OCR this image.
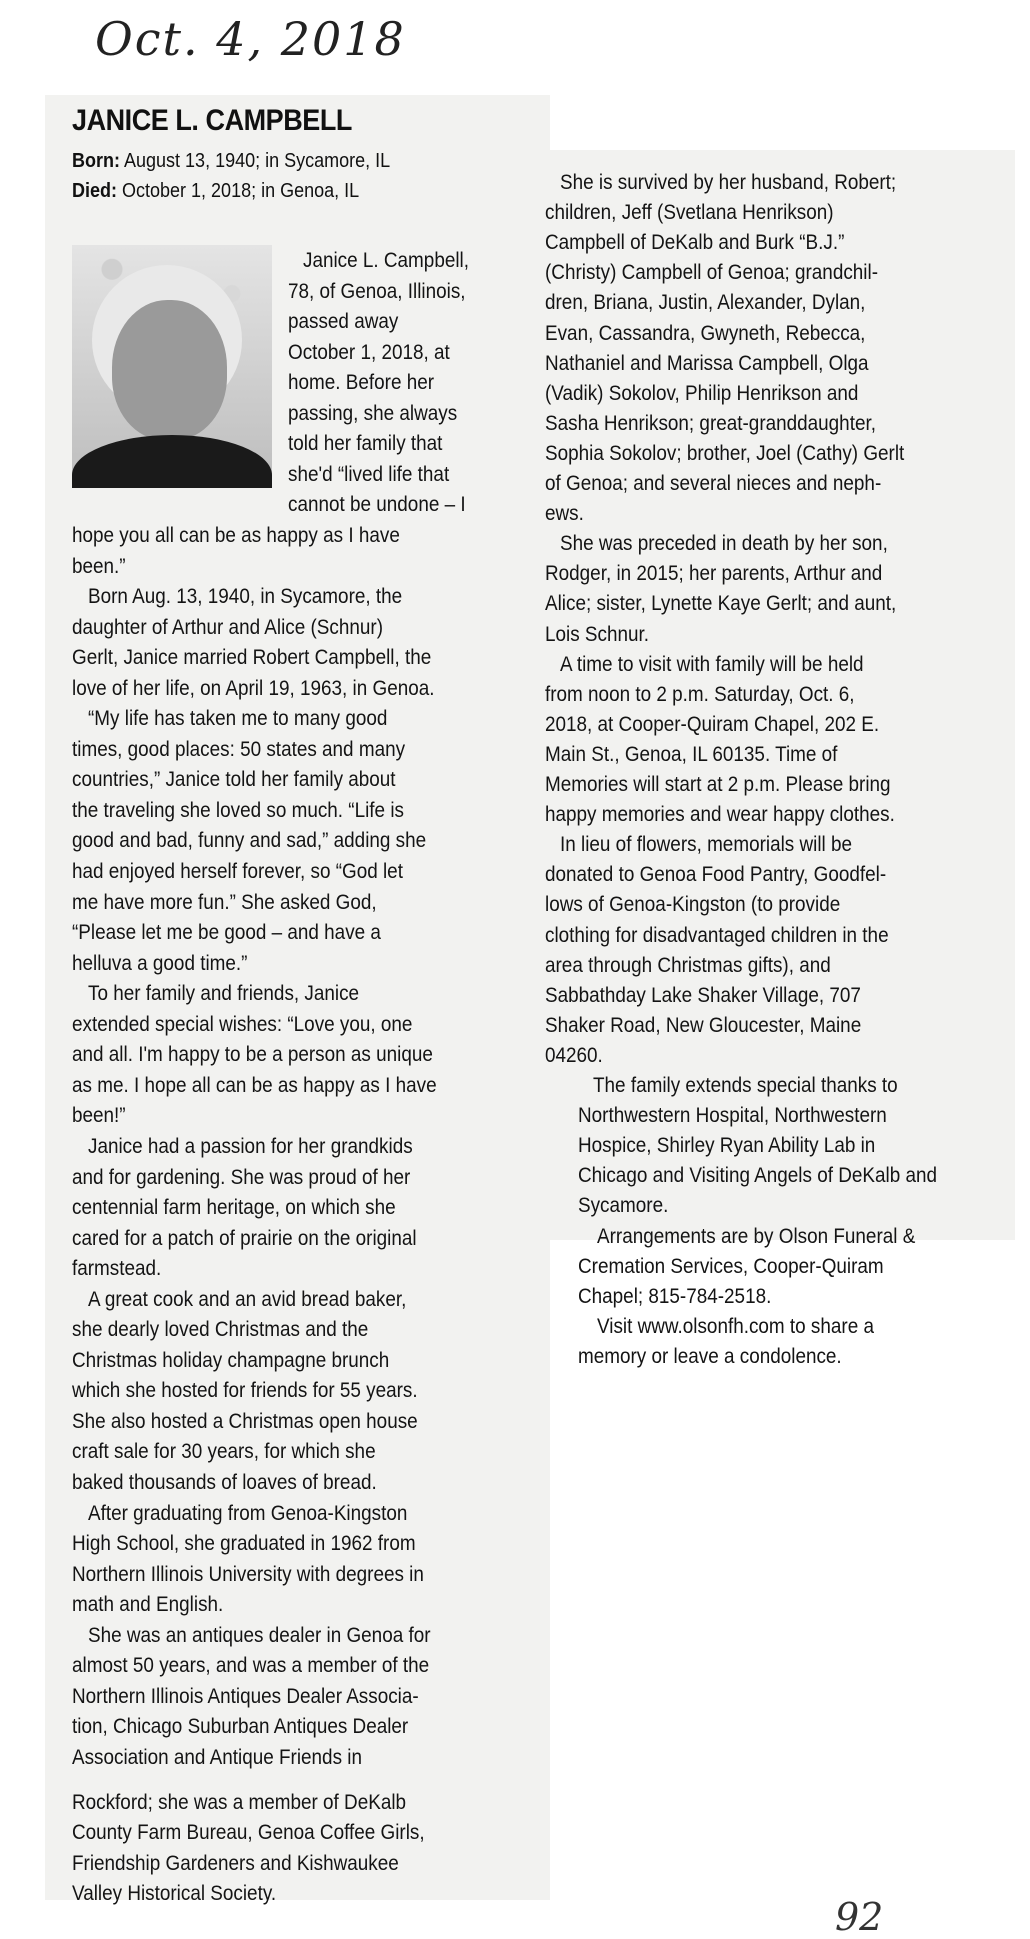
Oct. 4, 2018
JANICE L. CAMPBELL
Born: August 13, 1940; in Sycamore, IL
Died: October 1, 2018; in Genoa, IL
Janice L. Campbell,
78, of Genoa, Illinois,
passed away
October 1, 2018, at
home. Before her
passing, she always
told her family that
she'd “lived life that
cannot be undone – I
hope you all can be as happy as I have
been.”
Born Aug. 13, 1940, in Sycamore, the
daughter of Arthur and Alice (Schnur)
Gerlt, Janice married Robert Campbell, the
love of her life, on April 19, 1963, in Genoa.
“My life has taken me to many good
times, good places: 50 states and many
countries,” Janice told her family about
the traveling she loved so much. “Life is
good and bad, funny and sad,” adding she
had enjoyed herself forever, so “God let
me have more fun.” She asked God,
“Please let me be good – and have a
helluva a good time.”
To her family and friends, Janice
extended special wishes: “Love you, one
and all. I'm happy to be a person as unique
as me. I hope all can be as happy as I have
been!”
Janice had a passion for her grandkids
and for gardening. She was proud of her
centennial farm heritage, on which she
cared for a patch of prairie on the original
farmstead.
A great cook and an avid bread baker,
she dearly loved Christmas and the
Christmas holiday champagne brunch
which she hosted for friends for 55 years.
She also hosted a Christmas open house
craft sale for 30 years, for which she
baked thousands of loaves of bread.
After graduating from Genoa-Kingston
High School, she graduated in 1962 from
Northern Illinois University with degrees in
math and English.
She was an antiques dealer in Genoa for
almost 50 years, and was a member of the
Northern Illinois Antiques Dealer Associa-
tion, Chicago Suburban Antiques Dealer
Association and Antique Friends in
Rockford; she was a member of DeKalb
County Farm Bureau, Genoa Coffee Girls,
Friendship Gardeners and Kishwaukee
Valley Historical Society.
She is survived by her husband, Robert;
children, Jeff (Svetlana Henrikson)
Campbell of DeKalb and Burk “B.J.”
(Christy) Campbell of Genoa; grandchil-
dren, Briana, Justin, Alexander, Dylan,
Evan, Cassandra, Gwyneth, Rebecca,
Nathaniel and Marissa Campbell, Olga
(Vadik) Sokolov, Philip Henrikson and
Sasha Henrikson; great-granddaughter,
Sophia Sokolov; brother, Joel (Cathy) Gerlt
of Genoa; and several nieces and neph-
ews.
She was preceded in death by her son,
Rodger, in 2015; her parents, Arthur and
Alice; sister, Lynette Kaye Gerlt; and aunt,
Lois Schnur.
A time to visit with family will be held
from noon to 2 p.m. Saturday, Oct. 6,
2018, at Cooper-Quiram Chapel, 202 E.
Main St., Genoa, IL 60135. Time of
Memories will start at 2 p.m. Please bring
happy memories and wear happy clothes.
In lieu of flowers, memorials will be
donated to Genoa Food Pantry, Goodfel-
lows of Genoa-Kingston (to provide
clothing for disadvantaged children in the
area through Christmas gifts), and
Sabbathday Lake Shaker Village, 707
Shaker Road, New Gloucester, Maine
04260.
The family extends special thanks to
Northwestern Hospital, Northwestern
Hospice, Shirley Ryan Ability Lab in
Chicago and Visiting Angels of DeKalb and
Sycamore.
Arrangements are by Olson Funeral &
Cremation Services, Cooper-Quiram
Chapel; 815-784-2518.
Visit www.olsonfh.com to share a
memory or leave a condolence.
92
